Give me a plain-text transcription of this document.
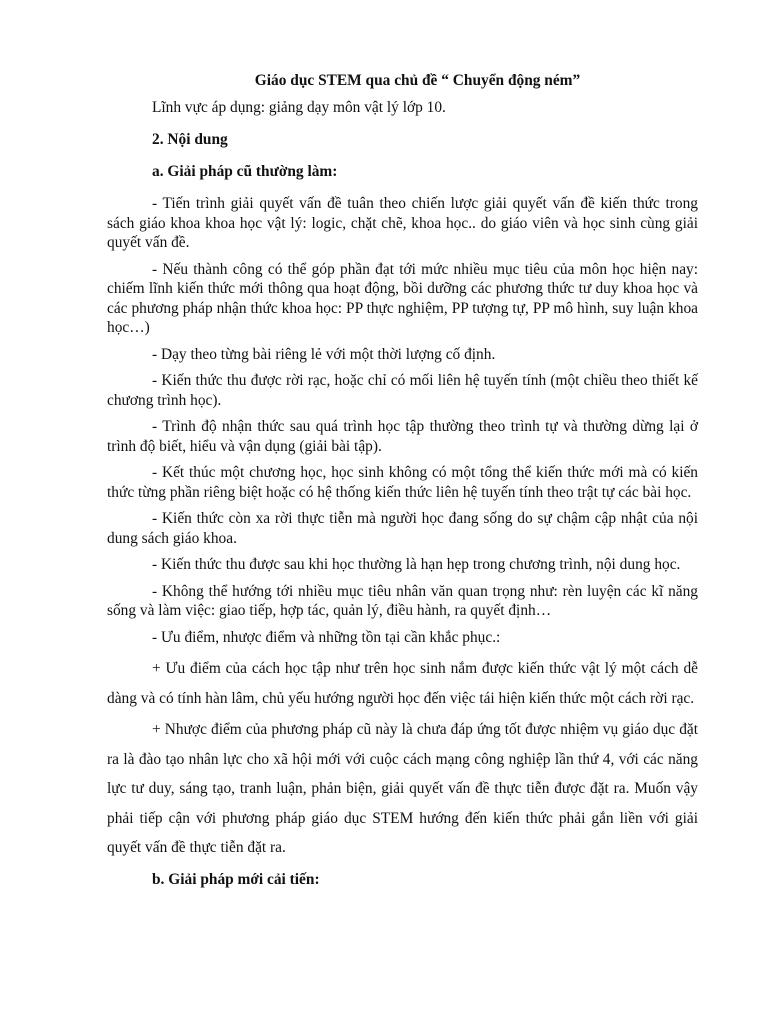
Giáo dục STEM qua chủ đề “ Chuyển động ném”

Lĩnh vực áp dụng: giảng dạy môn vật lý lớp 10.

2. Nội dung

a. Giải pháp cũ thường làm:

- Tiến trình giải quyết vấn đề tuân theo chiến lược giải quyết vấn đề kiến thức trong sách giáo khoa khoa học vật lý: logic, chặt chẽ, khoa học.. do giáo viên và học sinh cùng giải quyết vấn đề.

- Nếu thành công có thể góp phần đạt tới mức nhiều mục tiêu của môn học hiện nay: chiếm lĩnh kiến thức mới thông qua hoạt động, bồi dưỡng các phương thức tư duy khoa học và các phương pháp nhận thức khoa học: PP thực nghiệm, PP tượng tự, PP mô hình, suy luận khoa học…)

- Dạy theo từng bài riêng lẻ với một thời lượng cố định.

- Kiến thức thu được rời rạc, hoặc chỉ có mối liên hệ tuyến tính (một chiều theo thiết kế chương trình học).

- Trình độ nhận thức sau quá trình học tập thường theo trình tự và thường dừng lại ở trình độ biết, hiểu và vận dụng (giải bài tập).

- Kết thúc một chương học, học sinh không có một tổng thể kiến thức mới mà có kiến thức từng phần riêng biệt hoặc có hệ thống kiến thức liên hệ tuyến tính theo trật tự các bài học.

- Kiến thức còn xa rời thực tiễn mà người học đang sống do sự chậm cập nhật của nội dung sách giáo khoa.

- Kiến thức thu được sau khi học thường là hạn hẹp trong chương trình, nội dung học.

- Không thể hướng tới nhiều mục tiêu nhân văn quan trọng như: rèn luyện các kĩ năng sống và làm việc: giao tiếp, hợp tác, quản lý, điều hành, ra quyết định…

- Ưu điểm, nhược điểm và những tồn tại cần khắc phục.:

+ Ưu điểm của cách học tập như trên học sinh nắm được kiến thức vật lý một cách dễ dàng và có tính hàn lâm, chủ yếu hướng người học đến việc tái hiện kiến thức một cách rời rạc.

+ Nhược điểm của phương pháp cũ này là chưa đáp ứng tốt được nhiệm vụ giáo dục đặt ra là đào tạo nhân lực cho xã hội mới với cuộc cách mạng công nghiệp lần thứ 4, với các năng lực tư duy, sáng tạo, tranh luận, phản biện, giải quyết vấn đề thực tiễn được đặt ra. Muốn vậy phải tiếp cận với phương pháp giáo dục STEM hướng đến kiến thức phải gắn liền với giải quyết vấn đề thực tiễn đặt ra.

b. Giải pháp mới cải tiến:
